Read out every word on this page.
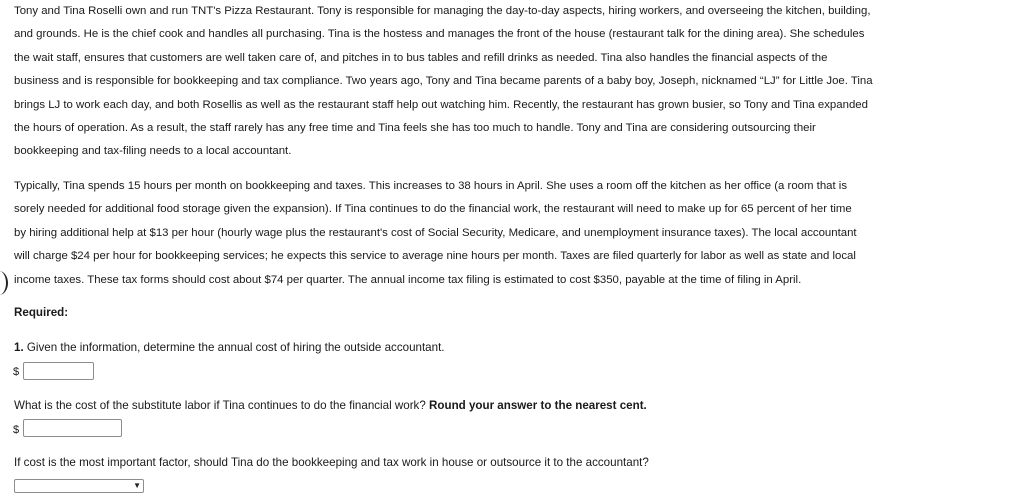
Tony and Tina Roselli own and run TNT's Pizza Restaurant. Tony is responsible for managing the day-to-day aspects, hiring workers, and overseeing the kitchen, building,
and grounds. He is the chief cook and handles all purchasing. Tina is the hostess and manages the front of the house (restaurant talk for the dining area). She schedules
the wait staff, ensures that customers are well taken care of, and pitches in to bus tables and refill drinks as needed. Tina also handles the financial aspects of the
business and is responsible for bookkeeping and tax compliance. Two years ago, Tony and Tina became parents of a baby boy, Joseph, nicknamed “LJ” for Little Joe. Tina
brings LJ to work each day, and both Rosellis as well as the restaurant staff help out watching him. Recently, the restaurant has grown busier, so Tony and Tina expanded
the hours of operation. As a result, the staff rarely has any free time and Tina feels she has too much to handle. Tony and Tina are considering outsourcing their
bookkeeping and tax-filing needs to a local accountant.
Typically, Tina spends 15 hours per month on bookkeeping and taxes. This increases to 38 hours in April. She uses a room off the kitchen as her office (a room that is
sorely needed for additional food storage given the expansion). If Tina continues to do the financial work, the restaurant will need to make up for 65 percent of her time
by hiring additional help at $13 per hour (hourly wage plus the restaurant's cost of Social Security, Medicare, and unemployment insurance taxes). The local accountant
will charge $24 per hour for bookkeeping services; he expects this service to average nine hours per month. Taxes are filed quarterly for labor as well as state and local
income taxes. These tax forms should cost about $74 per quarter. The annual income tax filing is estimated to cost $350, payable at the time of filing in April.
Required:
1. Given the information, determine the annual cost of hiring the outside accountant.
$
What is the cost of the substitute labor if Tina continues to do the financial work? Round your answer to the nearest cent.
$
If cost is the most important factor, should Tina do the bookkeeping and tax work in house or outsource it to the accountant?
▼
